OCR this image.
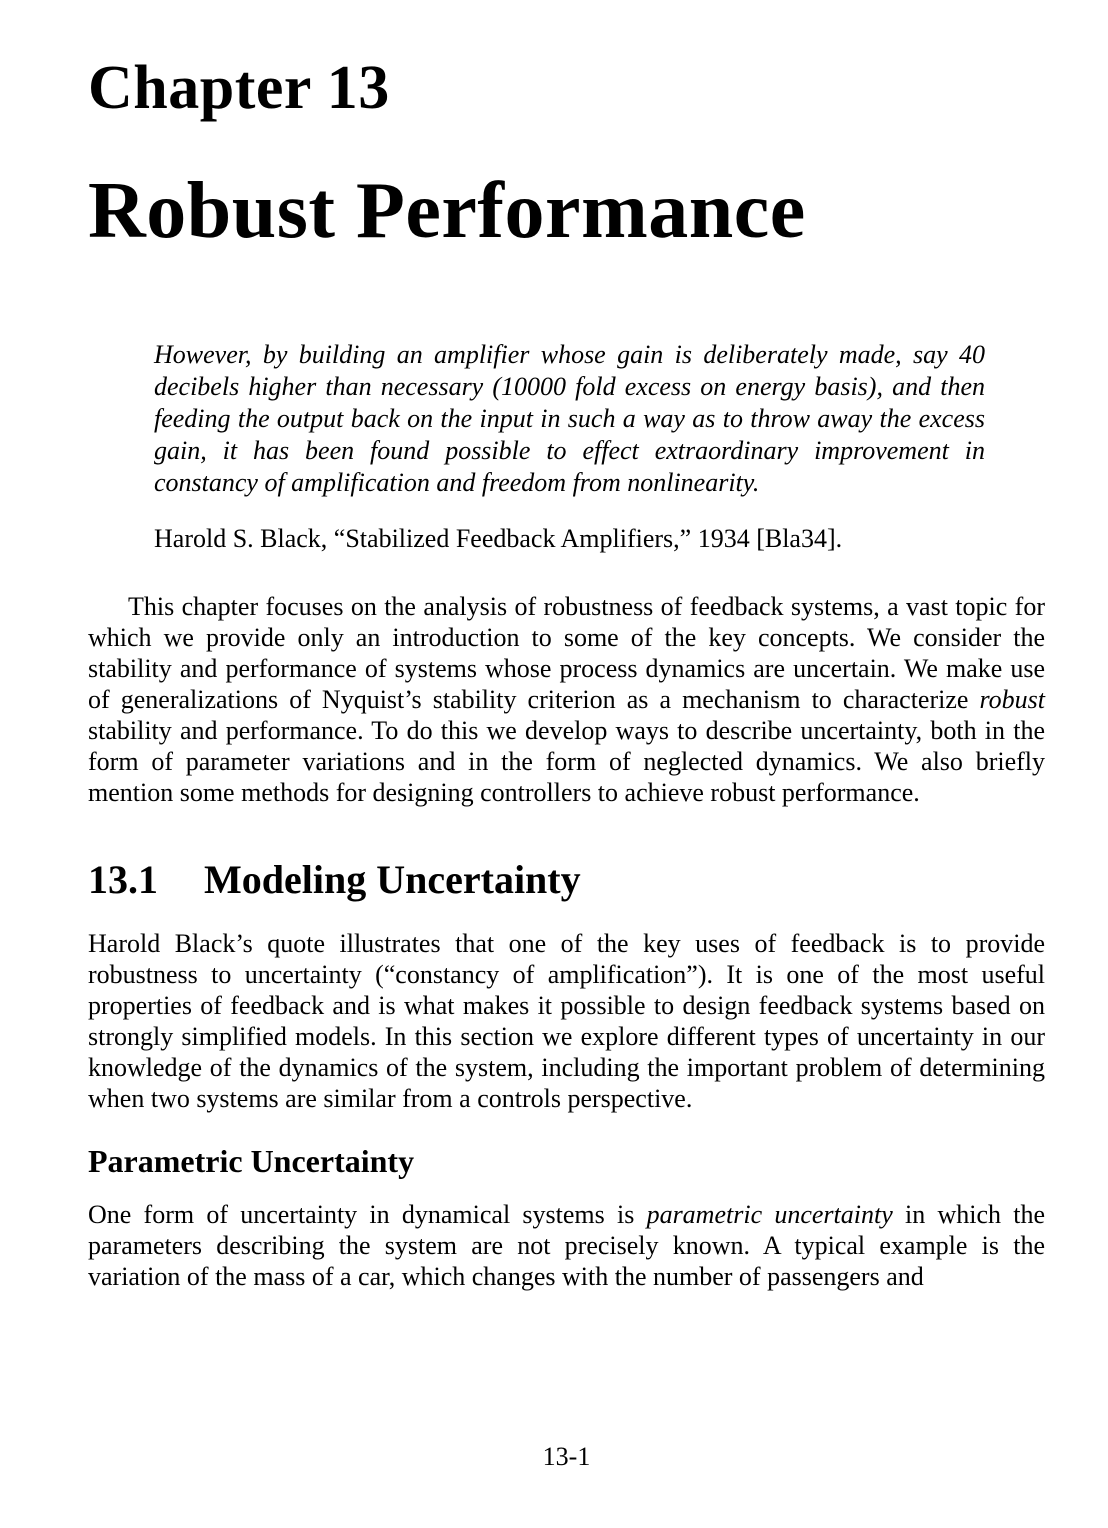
Chapter 13
Robust Performance
However, by building an amplifier whose gain is deliberately made, say 40 decibels higher than necessary (10000 fold excess on energy basis), and then feeding the output back on the input in such a way as to throw away the excess gain, it has been found possible to effect extraordinary improvement in constancy of amplification and freedom from nonlinearity.
Harold S. Black, “Stabilized Feedback Amplifiers,” 1934 [Bla34].

This chapter focuses on the analysis of robustness of feedback systems, a vast topic for which we provide only an introduction to some of the key concepts. We consider the stability and performance of systems whose process dynamics are uncertain. We make use of generalizations of Nyquist’s stability criterion as a mechanism to characterize robust stability and performance. To do this we develop ways to describe uncertainty, both in the form of parameter variations and in the form of neglected dynamics. We also briefly mention some methods for designing controllers to achieve robust performance.

13.1 Modeling Uncertainty

Harold Black’s quote illustrates that one of the key uses of feedback is to provide robustness to uncertainty (“constancy of amplification”). It is one of the most useful properties of feedback and is what makes it possible to design feedback systems based on strongly simplified models. In this section we explore different types of uncertainty in our knowledge of the dynamics of the system, including the important problem of determining when two systems are similar from a controls perspective.

Parametric Uncertainty

One form of uncertainty in dynamical systems is parametric uncertainty in which the parameters describing the system are not precisely known. A typical example is the variation of the mass of a car, which changes with the number of passengers and

13-1
